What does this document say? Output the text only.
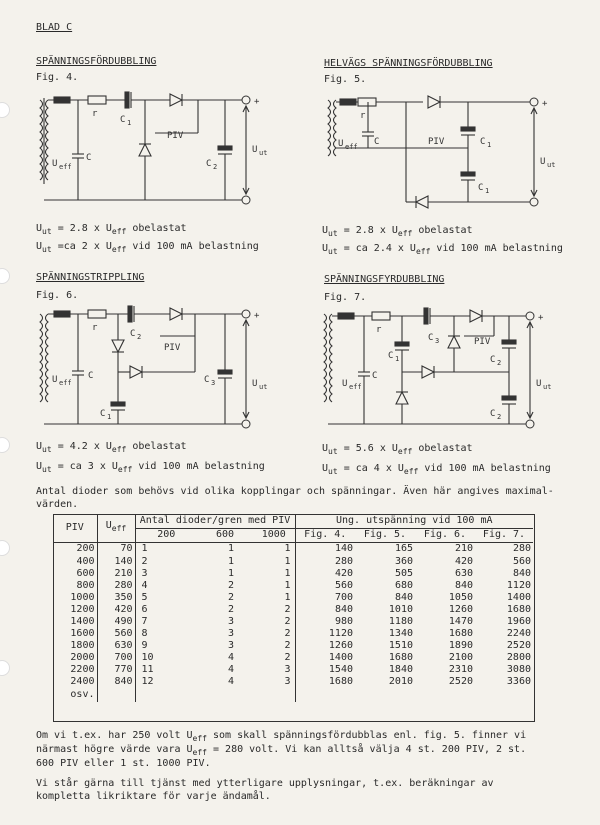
BLAD C
SPÄNNINGSFÖRDUBBLING
Fig. 4.
r
C 1
C
PIV
U eff	C 2
U ut
+
$U_{ut} = 2.8$ x $U_{eff}$ obelastat
$U_{ut} =ca$ 2 x $U_{eff}$ vid 100 mA belastning
HELVÄGS SPÄNNINGSFÖRDUBBLING
Fig. 5.
r
C	PIV	C 1
C 1
U eff
U ut
+
$U_{ut} = 2.8$ x $U_{eff}$ obelastat
$U_{ut}$ = ca 2.4 x $U_{eff}$ vid 100 mA belastning
SPÄNNINGSTRIPPLING
Fig. 6.
r
C 2
C
PIV
U eff
C 1
C 3	U ut
+
$U_{ut} = 4.2$ x $U_{eff}$ obelastat
$U_{ut}$ = ca 3 x $U_{eff}$ vid 100 mA belastning
SPÄNNINGSFYRDUBBLING
Fig. 7.
r
C 3
C 1
C
PIV
C 2
C 2
U eff	U ut
+
$U_{ut} = 5.6$ x $U_{eff}$ obelastat
$U_{ut}$ = ca 4 x $U_{eff}$ vid 100 mA belastning
Antal dioder som behövs vid olika kopplingar och spänningar. Även här angives maximal-
värden.
PIV	$U_{eff}$	Antal dioder/gren med PIV			Ung. utspänning vid 100 mA			
		200	600	1000	Fig. 4.	Fig. 5.	Fig. 6.	Fig. 7.
200	70	1	1	1	140	165	210	280
400	140	2	1	1	280	360	420	560
600	210	3	1	1	420	505	630	840
800	280	4	2	1	560	680	840	1120
1000	350	5	2	1	700	840	1050	1400
1200	420	6	2	2	840	1010	1260	1680
1400	490	7	3	2	980	1180	1470	1960
1600	560	8	3	2	1120	1340	1680	2240
1800	630	9	3	2	1260	1510	1890	2520
2000	700	10	4	2	1400	1680	2100	2800
2200	770	11	4	3	1540	1840	2310	3080
2400	840	12	4	3	1680	2010	2520	3360
osv.								
Om vi t.ex. har 250 volt $U_{eff}$ som skall spänningsfördubblas enl. fig. 5. finner vi
närmast högre värde vara $U_{eff} = 280$ volt. Vi kan alltså välja 4 st. 200 PIV, 2 st.
600 PIV eller 1 st. 1000 PIV.
Vi står gärna till tjänst med ytterligare upplysningar, t.ex. beräkningar av
kompletta likriktare för varje ändamål.
